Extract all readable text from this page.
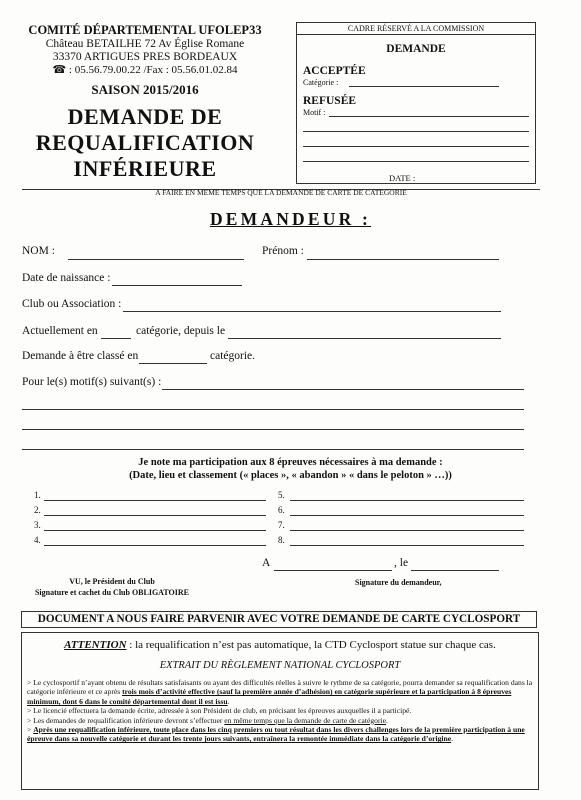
COMITÉ DÉPARTEMENTAL UFOLEP33
Château BETAILHE 72 Av Église Romane
33370 ARTIGUES PRES BORDEAUX
☎ : 05.56.79.00.22 /Fax : 05.56.01.02.84
SAISON 2015/2016
DEMANDE DE
REQUALIFICATION
INFÉRIEURE
CADRE RÉSERVÉ A LA COMMISSION
DEMANDE
ACCEPTÉE
Catégorie :
REFUSÉE
Motif :
DATE :
A FAIRE EN MEME TEMPS QUE LA DEMANDE DE CARTE DE CATEGORIE
DEMANDEUR :
NOM :	Prénom :
Date de naissance :
Club ou Association :
Actuellement en	catégorie, depuis le
Demande à être classé en	catégorie.
Pour le(s) motif(s) suivant(s) :
Je note ma participation aux 8 épreuves nécessaires à ma demande :
(Date, lieu et classement (« places », « abandon » « dans le peloton » …))
1.
2.
3.
4.
5.
6.
7.
8.
A	, le
VU, le Président du Club
Signature et cachet du Club OBLIGATOIRE
Signature du demandeur,
DOCUMENT A NOUS FAIRE PARVENIR AVEC VOTRE DEMANDE DE CARTE CYCLOSPORT
ATTENTION : la requalification n’est pas automatique, la CTD Cyclosport statue sur chaque cas.
EXTRAIT DU RÈGLEMENT NATIONAL CYCLOSPORT

> Le cyclosportif n’ayant obtenu de résultats satisfaisants ou ayant des difficultés réelles à suivre le rythme de sa catégorie, pourra demander sa requalification dans la catégorie inférieure et ce après trois mois d’activité effective (sauf la première année d’adhésion) en catégorie supérieure et la participation à 8 épreuves minimum, dont 6 dans le comité départemental dont il est issu.

> Le licencié effectuera la demande écrite, adressée à son Président de club, en précisant les épreuves auxquelles il a participé.

> Les demandes de requalification inférieure devront s’effectuer en même temps que la demande de carte de catégorie.

> Après une requalification inférieure, toute place dans les cinq premiers ou tout résultat dans les divers challenges lors de la première participation à une épreuve dans sa nouvelle catégorie et durant les trente jours suivants, entraînera la remontée immédiate dans la catégorie d’origine.
